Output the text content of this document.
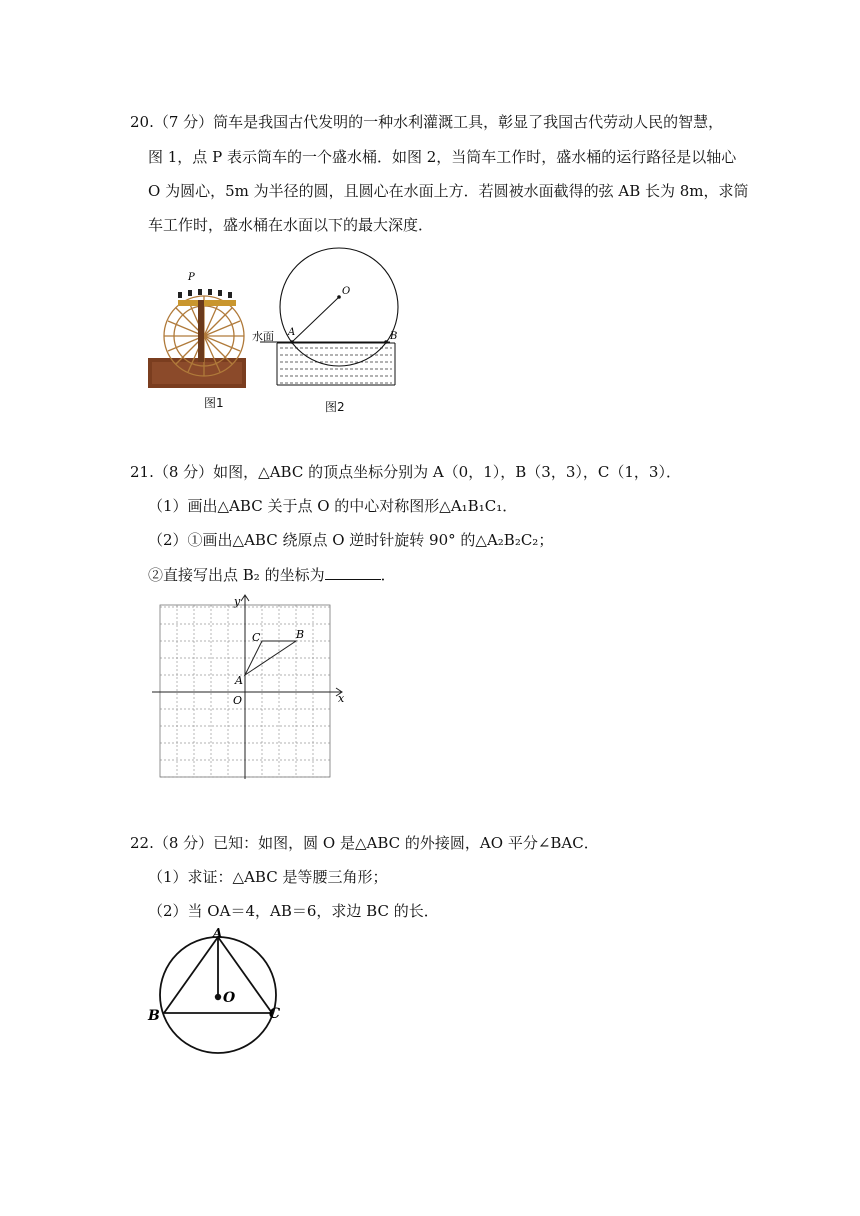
20.（7 分）筒车是我国古代发明的一种水利灌溉工具，彰显了我国古代劳动人民的智慧，
图 1，点 P 表示筒车的一个盛水桶．如图 2，当筒车工作时，盛水桶的运行路径是以轴心
O 为圆心，5m 为半径的圆，且圆心在水面上方．若圆被水面截得的弦 AB 长为 8m，求筒
车工作时，盛水桶在水面以下的最大深度．
P
图1
O
A	B
水面
图2
21.（8 分）如图，△ABC 的顶点坐标分别为 A（0，1），B（3，3），C（1，3）．
（1）画出△ABC 关于点 O 的中心对称图形△A₁B₁C₁．
（2）①画出△ABC 绕原点 O 逆时针旋转 90° 的△A₂B₂C₂；
②直接写出点 B₂ 的坐标为	．
y
x
O
A
B
C
22.（8 分）已知：如图，圆 O 是△ABC 的外接圆，AO 平分∠BAC．
（1）求证：△ABC 是等腰三角形；
（2）当 OA＝4，AB＝6，求边 BC 的长．
A
B	C
O
